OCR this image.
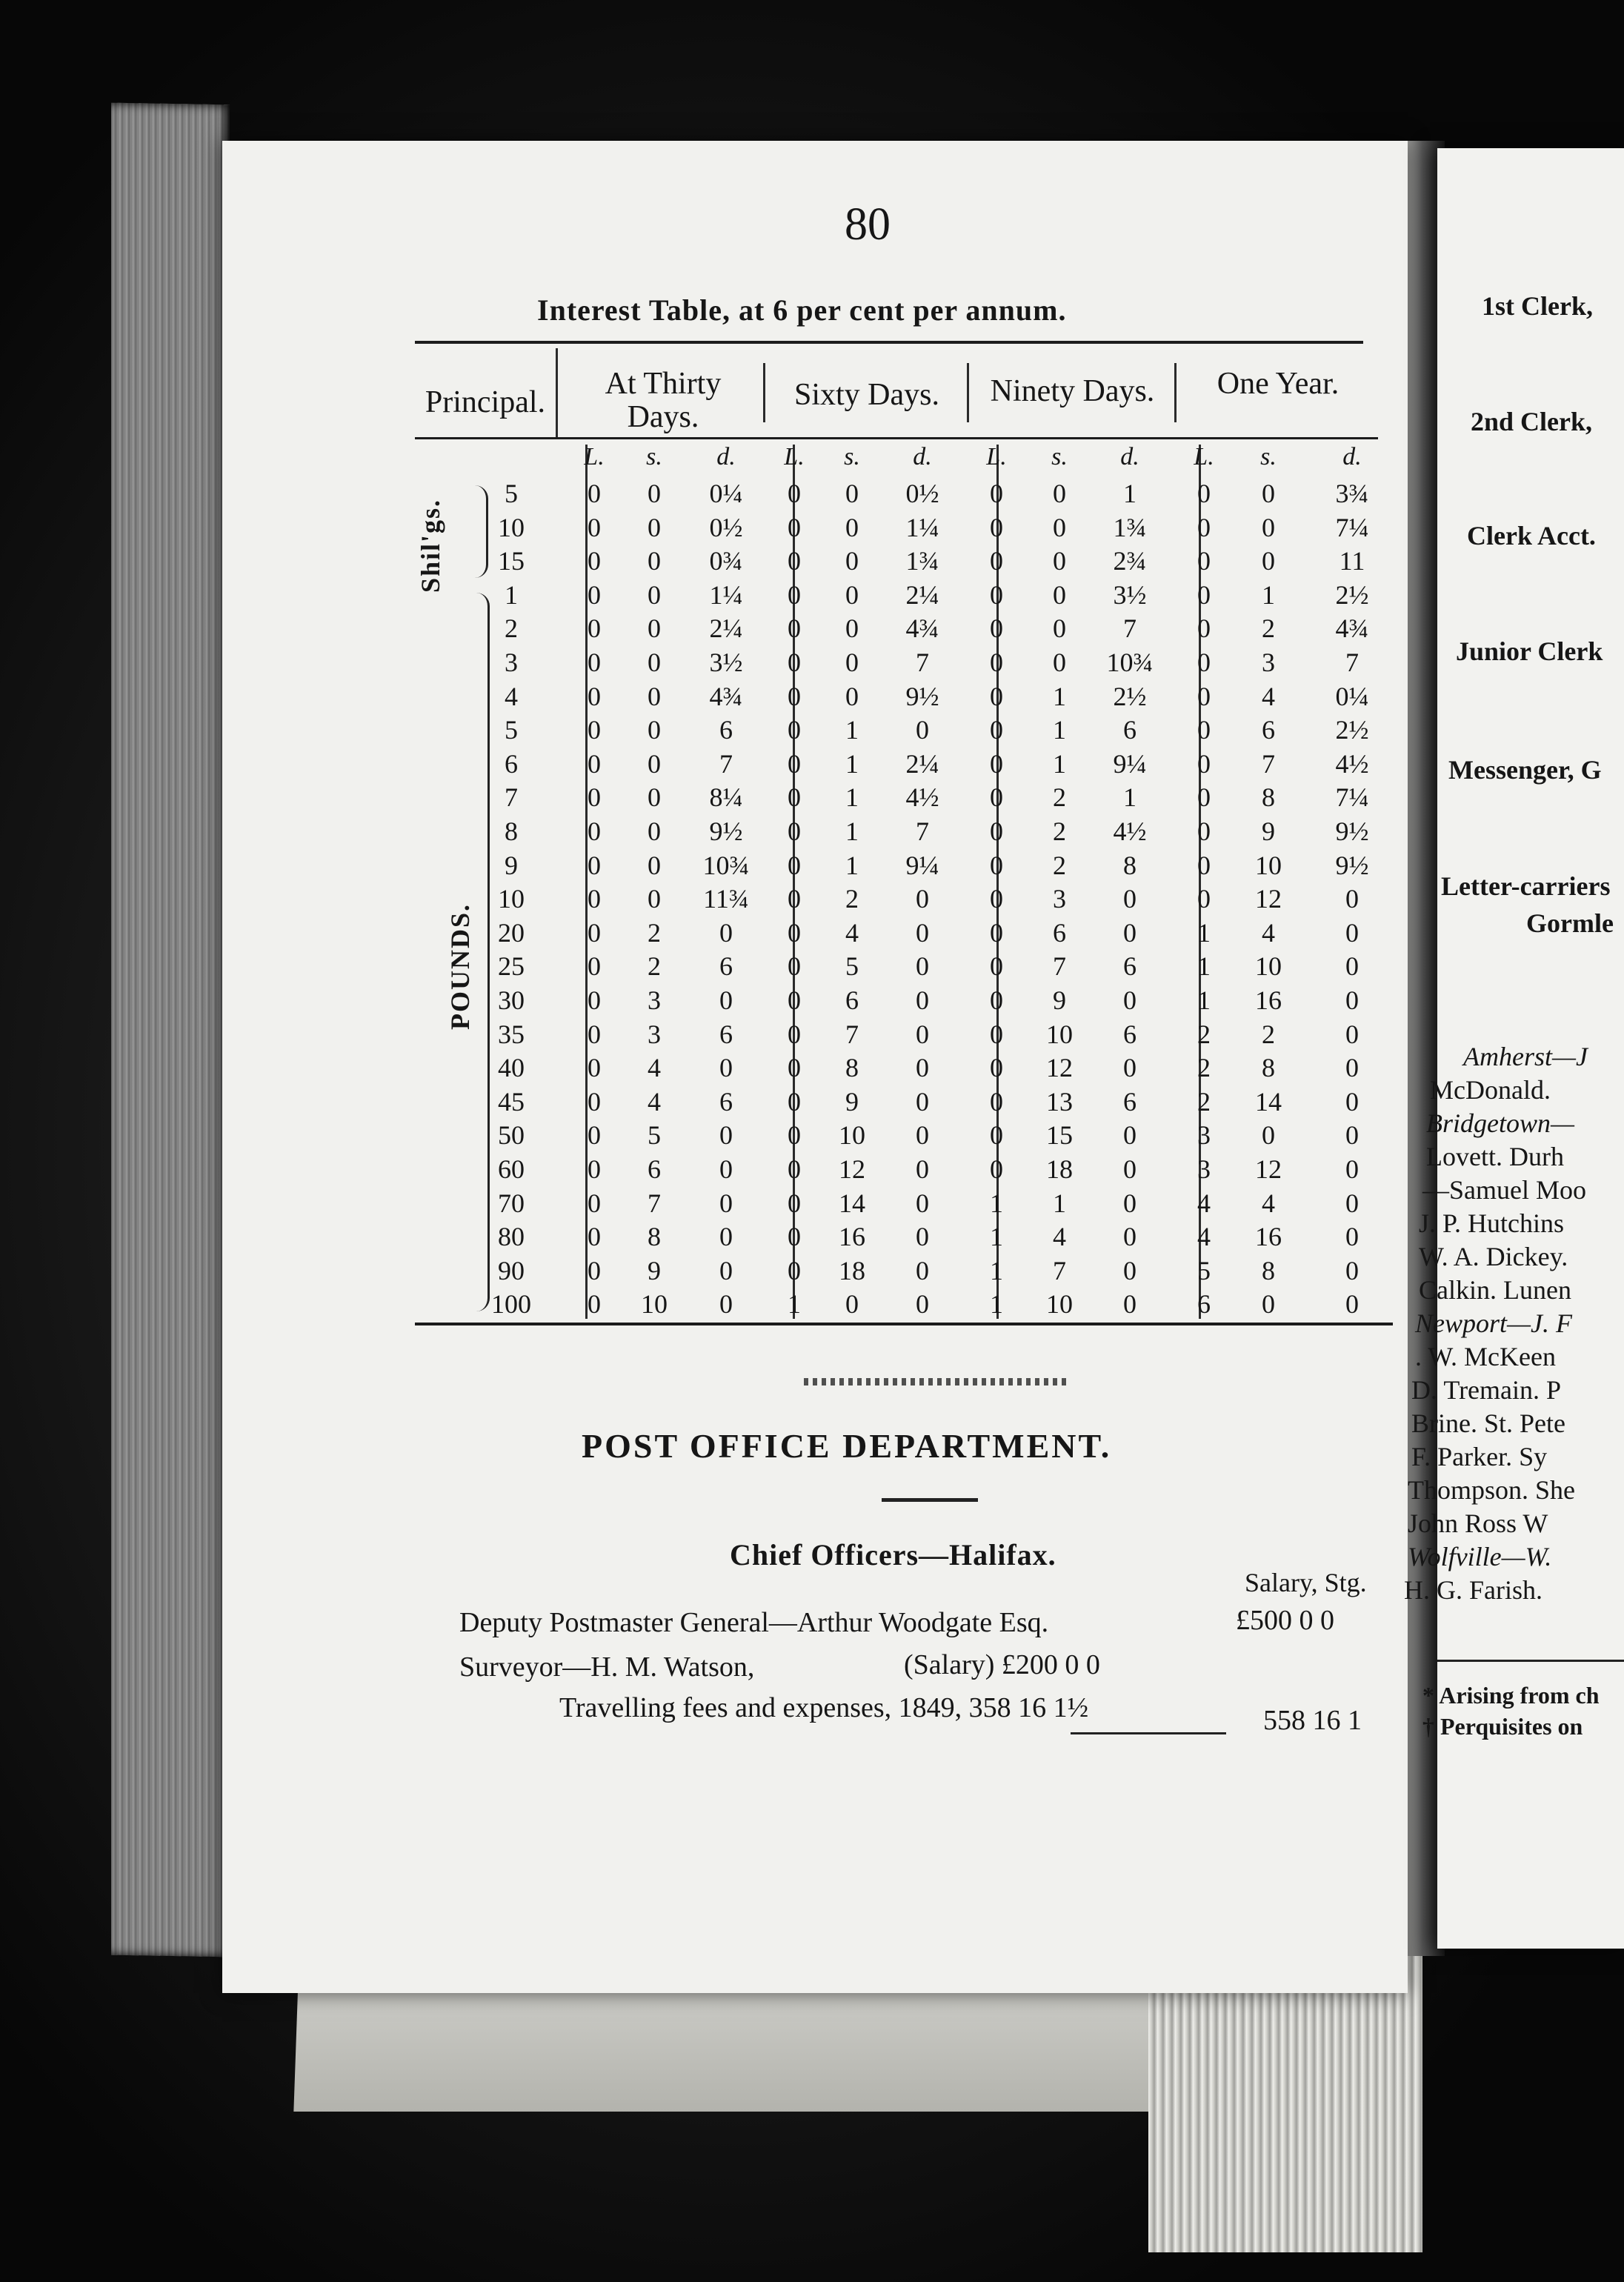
80
Interest Table, at 6 per cent per annum.
Principal.
At Thirty
Days.
Sixty Days.	Ninety Days.	One Year.
L.	s.	d.	L.	s.	d.	L.	s.	d.	L.	s.	d.
5	0	0	0¼	0	0	0½	0	0	1	0	0	3¾
10	0	0	0½	0	0	1¼	0	0	1¾	0	0	7¼
15	0	0	0¾	0	0	1¾	0	0	2¾	0	0	11
1	0	0	1¼	0	0	2¼	0	0	3½	0	1	2½
2	0	0	2¼	0	0	4¾	0	0	7	0	2	4¾
3	0	0	3½	0	0	7	0	0	10¾	0	3	7
4	0	0	4¾	0	0	9½	0	1	2½	0	4	0¼
5	0	0	6	0	1	0	0	1	6	0	6	2½
6	0	0	7	0	1	2¼	0	1	9¼	0	7	4½
7	0	0	8¼	0	1	4½	0	2	1	0	8	7¼
8	0	0	9½	0	1	7	0	2	4½	0	9	9½
9	0	0	10¾	0	1	9¼	0	2	8	0	10	9½
10	0	0	11¾	0	2	0	0	3	0	0	12	0
20	0	2	0	0	4	0	0	6	0	1	4	0
25	0	2	6	0	5	0	0	7	6	1	10	0
30	0	3	0	0	6	0	0	9	0	1	16	0
35	0	3	6	0	7	0	0	10	6	2	2	0
40	0	4	0	0	8	0	0	12	0	2	8	0
45	0	4	6	0	9	0	0	13	6	2	14	0
50	0	5	0	0	10	0	0	15	0	3	0	0
60	0	6	0	0	12	0	0	18	0	3	12	0
70	0	7	0	0	14	0	1	1	0	4	4	0
80	0	8	0	0	16	0	1	4	0	4	16	0
90	0	9	0	0	18	0	1	7	0	5	8	0
100	0	10	0	1	0	0	1	10	0	6	0	0
Shil'gs.
POUNDS.
POST OFFICE DEPARTMENT.
Chief Officers—Halifax.
Salary, Stg.
Deputy Postmaster General—Arthur Woodgate Esq.	£500 0 0
Surveyor—H. M. Watson,	(Salary) £200 0 0
Travelling fees and expenses, 1849, 358 16 1½	558 16 1
1st Clerk,
2nd Clerk,
Clerk Acct.
Junior Clerk
Messenger, G
Letter-carriers
Gormle
Amherst—J
McDonald.
Bridgetown—
Lovett. Durh
—Samuel Moo
J. P. Hutchins
W. A. Dickey.
Calkin. Lunen
Newport—J. F
. W. McKeen
D. Tremain. P
Brine. St. Pete
F. Parker. Sy
Thompson. She
John Ross W
Wolfville—W.
H. G. Farish.
* Arising from ch
† Perquisites on
